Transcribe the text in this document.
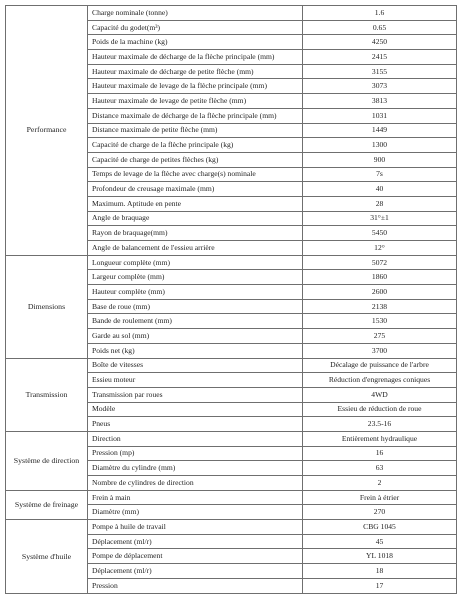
Performance	Charge nominale (tonne)	1.6
	Capacité du godet(m³)	0.65
	Poids de la machine (kg)	4250
	Hauteur maximale de décharge de la flèche principale (mm)	2415
	Hauteur maximale de décharge de petite flèche (mm)	3155
	Hauteur maximale de levage de la flèche principale (mm)	3073
	Hauteur maximale de levage de petite flèche (mm)	3813
	Distance maximale de décharge de la flèche principale (mm)	1031
	Distance maximale de petite flèche (mm)	1449
	Capacité de charge de la flèche principale (kg)	1300
	Capacité de charge de petites flèches (kg)	900
	Temps de levage de la flèche avec charge(s) nominale	7s
	Profondeur de creusage maximale (mm)	40
	Maximum. Aptitude en pente	28
	Angle de braquage	31°±1
	Rayon de braquage(mm)	5450
	Angle de balancement de l'essieu arrière	12°
Dimensions	Longueur complète (mm)	5072
	Largeur complète (mm)	1860
	Hauteur complète (mm)	2600
	Base de roue (mm)	2138
	Bande de roulement (mm)	1530
	Garde au sol (mm)	275
	Poids net (kg)	3700
Transmission	Boîte de vitesses	Décalage de puissance de l'arbre
	Essieu moteur	Réduction d'engrenages coniques
	Transmission par roues	4WD
	Modèle	Essieu de réduction de roue
	Pneus	23.5-16
Système de direction	Direction	Entièrement hydraulique
	Pression (mp)	16
	Diamètre du cylindre (mm)	63
	Nombre de cylindres de direction	2
Système de freinage	Frein à main	Frein à étrier
	Diamètre (mm)	270
Système d'huile	Pompe à huile de travail	CBG 1045
	Déplacement (ml/r)	45
	Pompe de déplacement	YL 1018
	Déplacement (ml/r)	18
	Pression	17
